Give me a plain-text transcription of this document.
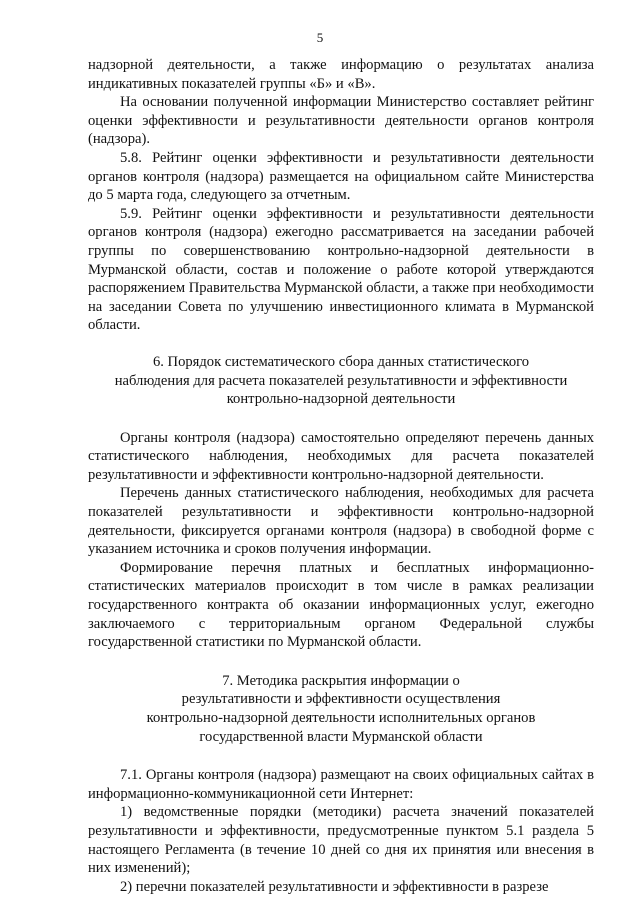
5

надзорной деятельности, а также информацию о результатах анализа индикативных показателей группы «Б» и «В».

На основании полученной информации Министерство составляет рейтинг оценки эффективности и результативности деятельности органов контроля (надзора).

5.8. Рейтинг оценки эффективности и результативности деятельности органов контроля (надзора) размещается на официальном сайте Министерства до 5 марта года, следующего за отчетным.

5.9. Рейтинг оценки эффективности и результативности деятельности органов контроля (надзора) ежегодно рассматривается на заседании рабочей группы по совершенствованию контрольно-надзорной деятельности в Мурманской области, состав и положение о работе которой утверждаются распоряжением Правительства Мурманской области, а также при необходимости на заседании Совета по улучшению инвестиционного климата в Мурманской области.

6. Порядок систематического сбора данных статистического

наблюдения для расчета показателей результативности и эффективности

контрольно-надзорной деятельности

Органы контроля (надзора) самостоятельно определяют перечень данных статистического наблюдения, необходимых для расчета показателей результативности и эффективности контрольно-надзорной деятельности.

Перечень данных статистического наблюдения, необходимых для расчета показателей результативности и эффективности контрольно-надзорной деятельности, фиксируется органами контроля (надзора) в свободной форме с указанием источника и сроков получения информации.

Формирование перечня платных и бесплатных информационно-статистических материалов происходит в том числе в рамках реализации государственного контракта об оказании информационных услуг, ежегодно заключаемого с территориальным органом Федеральной службы государственной статистики по Мурманской области.

7. Методика раскрытия информации о

результативности и эффективности осуществления

контрольно-надзорной деятельности исполнительных органов

государственной власти Мурманской области

7.1. Органы контроля (надзора) размещают на своих официальных сайтах в информационно-коммуникационной сети Интернет:

1) ведомственные порядки (методики) расчета значений показателей результативности и эффективности, предусмотренные пунктом 5.1 раздела 5 настоящего Регламента (в течение 10 дней со дня их принятия или внесения в них изменений);

2) перечни показателей результативности и эффективности в разрезе
